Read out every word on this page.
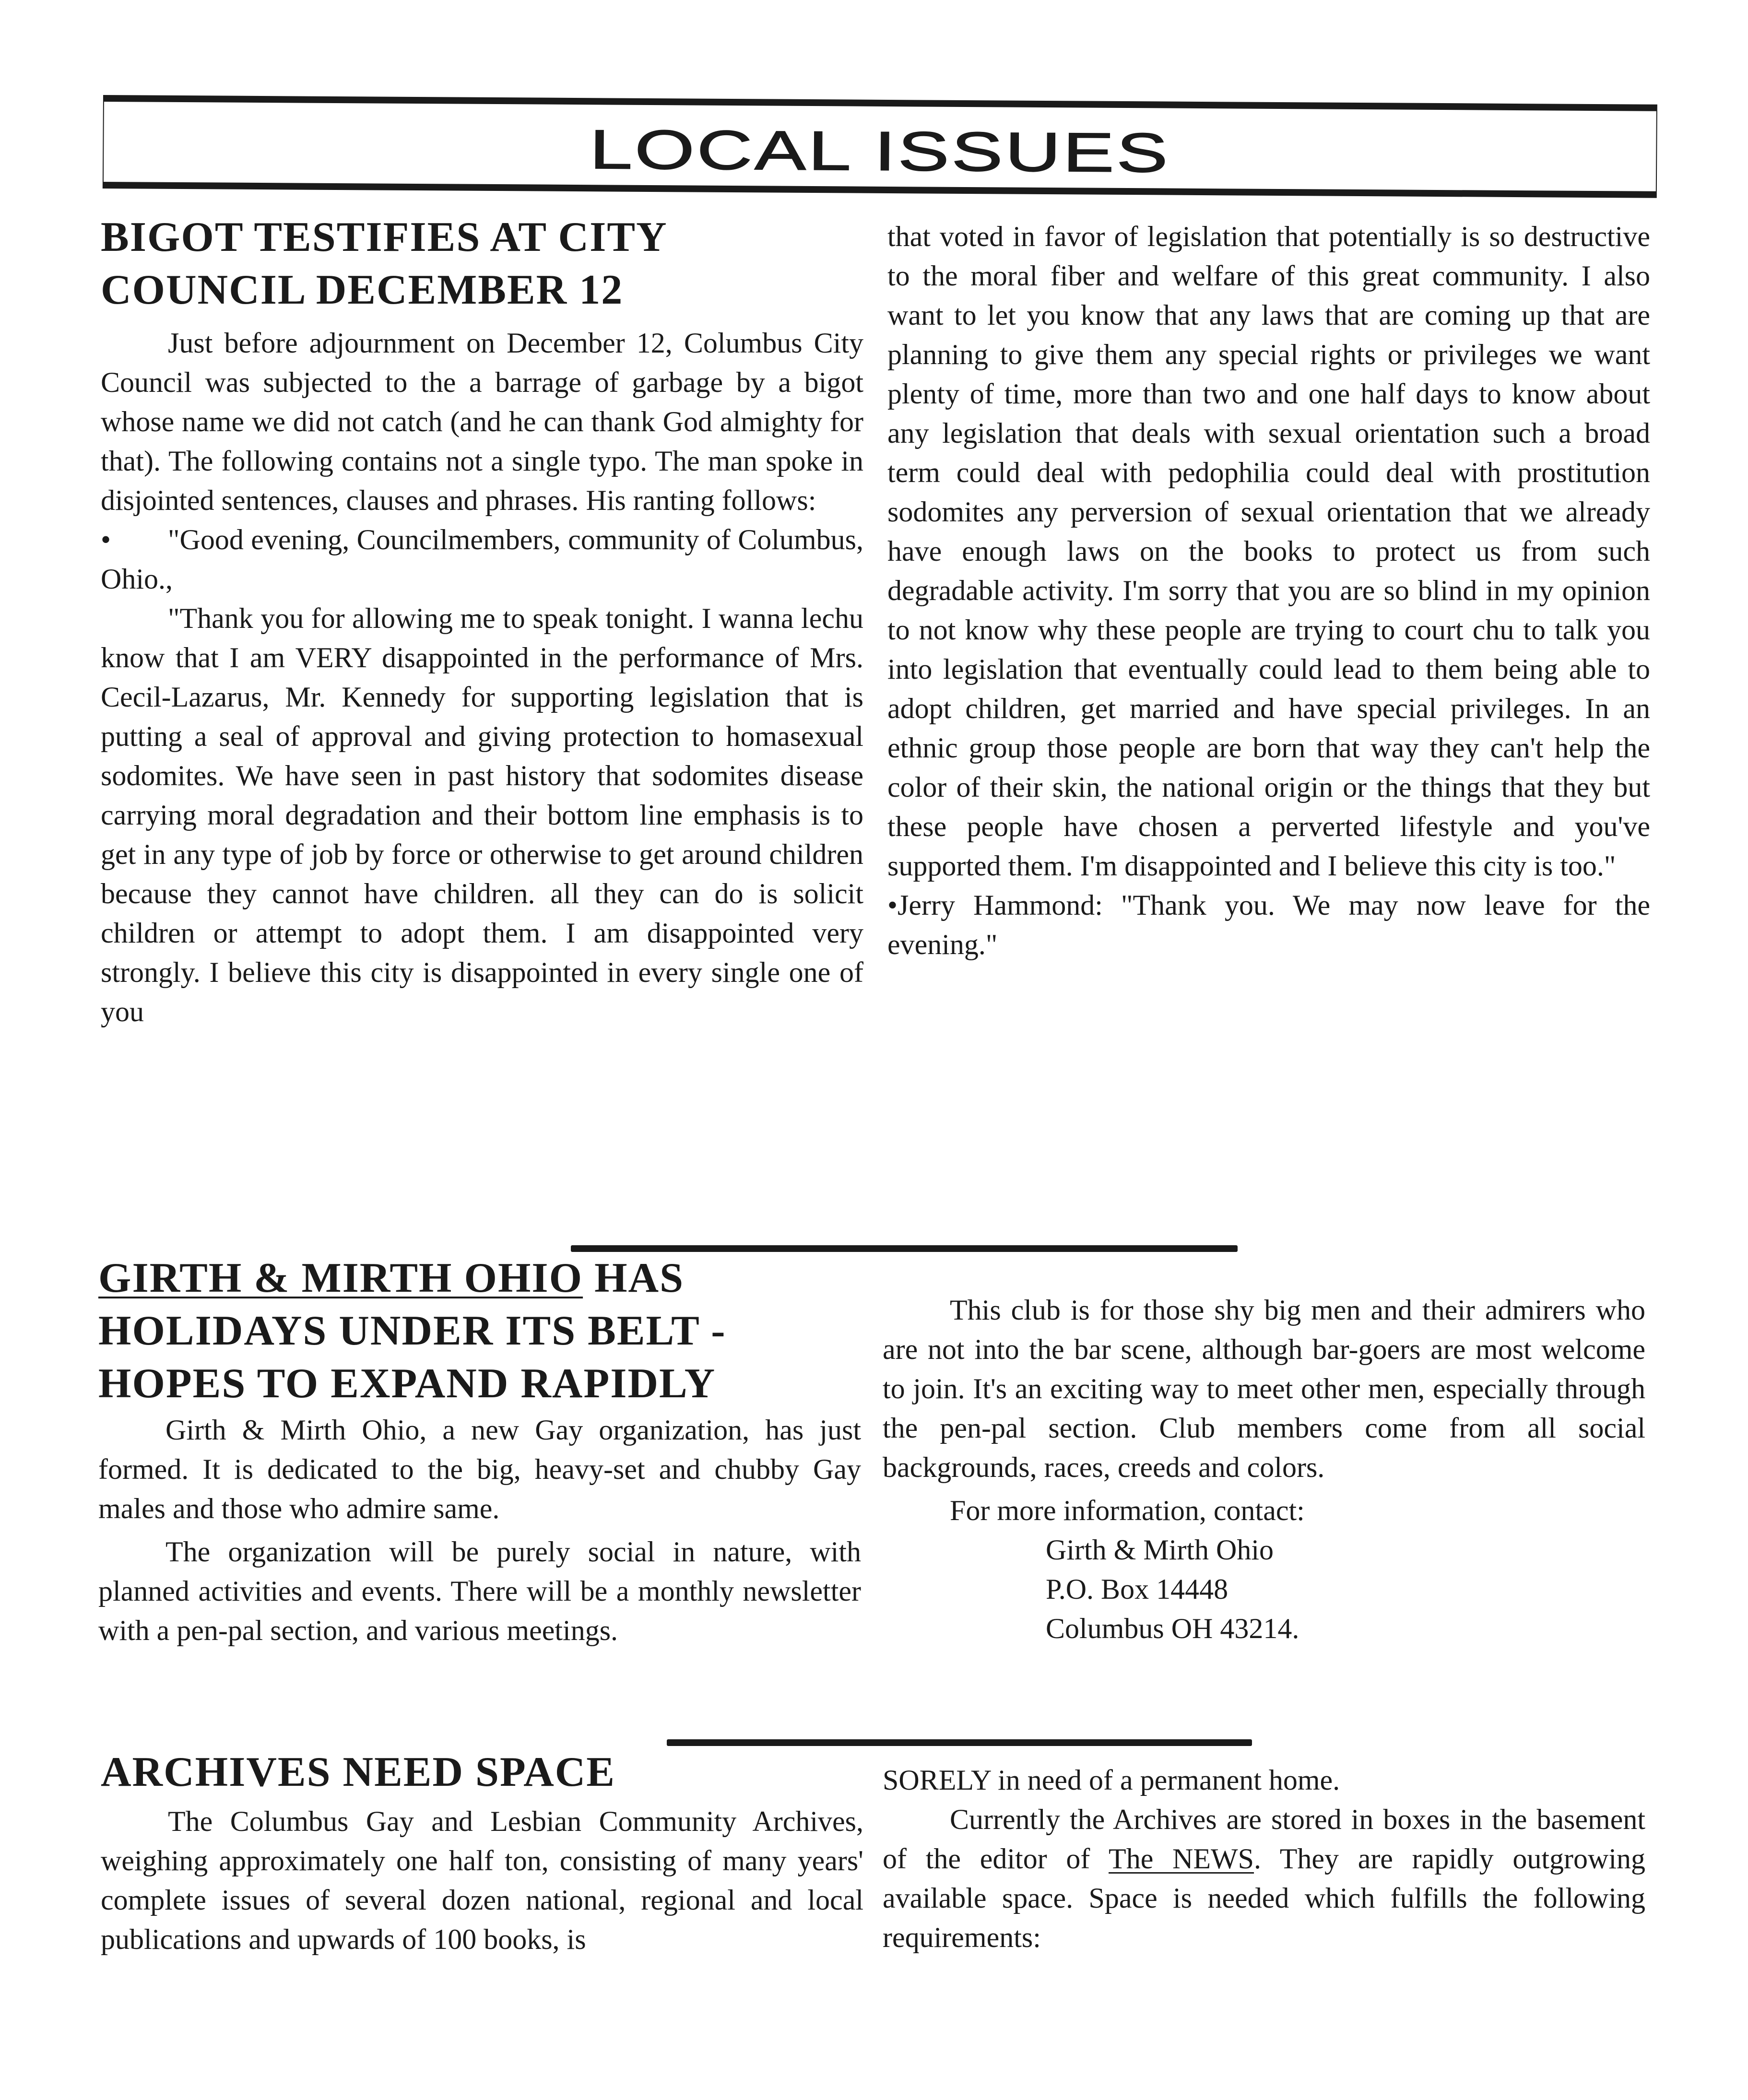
LOCAL ISSUES
BIGOT TESTIFIES AT CITY
COUNCIL DECEMBER 12

Just before adjournment on December 12, Columbus City Council was subjected to the a barrage of garbage by a bigot whose name we did not catch (and he can thank God almighty for that). The following contains not a single typo. The man spoke in disjointed sentences, clauses and phrases. His ranting follows:

• "Good evening, Councilmembers, community of Columbus, Ohio.,

"Thank you for allowing me to speak tonight. I wanna lechu know that I am VERY disappointed in the performance of Mrs. Cecil-Lazarus, Mr. Kennedy for supporting legislation that is putting a seal of approval and giving protection to homasexual sodomites. We have seen in past history that sodomites disease carrying moral degradation and their bottom line emphasis is to get in any type of job by force or otherwise to get around children because they cannot have children. all they can do is solicit children or attempt to adopt them. I am disappointed very strongly. I believe this city is disappointed in every single one of you

that voted in favor of legislation that potentially is so destructive to the moral fiber and welfare of this great community. I also want to let you know that any laws that are coming up that are planning to give them any special rights or privileges we want plenty of time, more than two and one half days to know about any legislation that deals with sexual orientation such a broad term could deal with pedophilia could deal with prostitution sodomites any perversion of sexual orientation that we already have enough laws on the books to protect us from such degradable activity. I'm sorry that you are so blind in my opinion to not know why these people are trying to court chu to talk you into legislation that eventually could lead to them being able to adopt children, get married and have special privileges. In an ethnic group those people are born that way they can't help the color of their skin, the national origin or the things that they but these people have chosen a perverted lifestyle and you've supported them. I'm disappointed and I believe this city is too."

•Jerry Hammond: "Thank you. We may now leave for the evening."

GIRTH & MIRTH OHIO HAS
HOLIDAYS UNDER ITS BELT -
HOPES TO EXPAND RAPIDLY

Girth & Mirth Ohio, a new Gay organization, has just formed. It is dedicated to the big, heavy-set and chubby Gay males and those who admire same.

The organization will be purely social in nature, with planned activities and events. There will be a monthly newsletter with a pen-pal section, and various meetings.

This club is for those shy big men and their admirers who are not into the bar scene, although bar-goers are most welcome to join. It's an exciting way to meet other men, especially through the pen-pal section. Club members come from all social backgrounds, races, creeds and colors.

For more information, contact:

Girth & Mirth Ohio

P.O. Box 14448

Columbus OH 43214.

ARCHIVES NEED SPACE

The Columbus Gay and Lesbian Community Archives, weighing approximately one half ton, consisting of many years' complete issues of several dozen national, regional and local publications and upwards of 100 books, is

SORELY in need of a permanent home.

Currently the Archives are stored in boxes in the basement of the editor of The NEWS. They are rapidly outgrowing available space. Space is needed which fulfills the following requirements:
